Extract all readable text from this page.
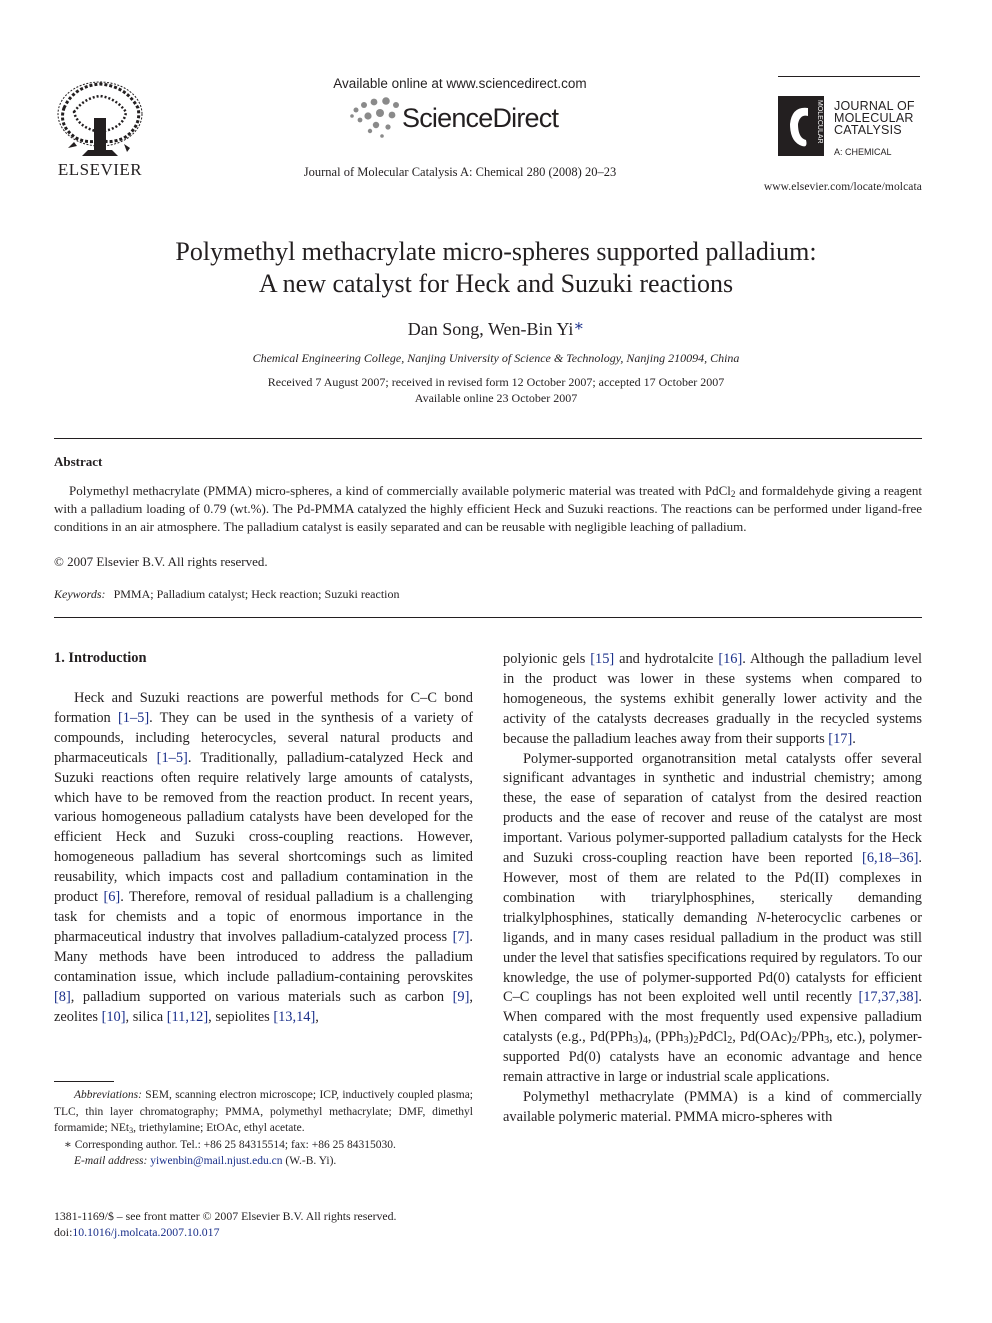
ELSEVIER
Available online at www.sciencedirect.com
ScienceDirect
Journal of Molecular Catalysis A: Chemical 280 (2008) 20–23
MOLECULAR JOURNAL OF
MOLECULAR
CATALYSIS
A: CHEMICAL
www.elsevier.com/locate/molcata
Polymethyl methacrylate micro-spheres supported palladium:
A new catalyst for Heck and Suzuki reactions
Dan Song, Wen-Bin Yi∗
Chemical Engineering College, Nanjing University of Science & Technology, Nanjing 210094, China
Received 7 August 2007; received in revised form 12 October 2007; accepted 17 October 2007
Available online 23 October 2007
Abstract

Polymethyl methacrylate (PMMA) micro-spheres, a kind of commercially available polymeric material was treated with PdCl$_2$ and formaldehyde giving a reagent with a palladium loading of 0.79 (wt.%). The Pd-PMMA catalyzed the highly efficient Heck and Suzuki reactions. The reactions can be performed under ligand-free conditions in an air atmosphere. The palladium catalyst is easily separated and can be reusable with negligible leaching of palladium.

© 2007 Elsevier B.V. All rights reserved.
Keywords: PMMA; Palladium catalyst; Heck reaction; Suzuki reaction
1. Introduction

Heck and Suzuki reactions are powerful methods for C–C bond formation [1–5]. They can be used in the synthesis of a variety of compounds, including heterocycles, several natural products and pharmaceuticals [1–5]. Traditionally, palladium-catalyzed Heck and Suzuki reactions often require relatively large amounts of catalysts, which have to be removed from the reaction product. In recent years, various homogeneous palladium catalysts have been developed for the efficient Heck and Suzuki cross-coupling reactions. However, homogeneous palladium has several shortcomings such as limited reusability, which impacts cost and palladium contamination in the product [6]. Therefore, removal of residual palladium is a challenging task for chemists and a topic of enormous importance in the pharmaceutical industry that involves palladium-catalyzed process [7]. Many methods have been introduced to address the palladium contamination issue, which include palladium-containing perovskites [8], palladium supported on various materials such as carbon [9], zeolites [10], silica [11,12], sepiolites [13,14],

polyionic gels [15] and hydrotalcite [16]. Although the palladium level in the product was lower in these systems when compared to homogeneous, the systems exhibit generally lower activity and the activity of the catalysts decreases gradually in the recycled systems because the palladium leaches away from their supports [17].

Polymer-supported organotransition metal catalysts offer several significant advantages in synthetic and industrial chemistry; among these, the ease of separation of catalyst from the desired reaction products and the ease of recover and reuse of the catalyst are most important. Various polymer-supported palladium catalysts for the Heck and Suzuki cross-coupling reaction have been reported [6,18–36]. However, most of them are related to the Pd(II) complexes in combination with triarylphosphines, sterically demanding trialkylphosphines, statically demanding N-heterocyclic carbenes or ligands, and in many cases residual palladium in the product was still under the level that satisfies specifications required by regulators. To our knowledge, the use of polymer-supported Pd(0) catalysts for efficient C–C couplings has not been exploited well until recently [17,37,38]. When compared with the most frequently used expensive palladium catalysts (e.g., $Pd(PPh_3)_4$, $(PPh_3)_2PdCl_2$, $Pd(OAc)_2/PPh_3$, etc.), polymer-supported Pd(0) catalysts have an economic advantage and hence remain attractive in large or industrial scale applications.

Polymethyl methacrylate (PMMA) is a kind of commercially available polymeric material. PMMA micro-spheres with

Abbreviations: SEM, scanning electron microscope; ICP, inductively coupled plasma; TLC, thin layer chromatography; PMMA, polymethyl methacrylate; DMF, dimethyl formamide; NEt$_3$, triethylamine; EtOAc, ethyl acetate.

∗ Corresponding author. Tel.: +86 25 84315514; fax: +86 25 84315030.

E-mail address: yiwenbin@mail.njust.edu.cn (W.-B. Yi).

1381-1169/$ – see front matter © 2007 Elsevier B.V. All rights reserved.
doi:10.1016/j.molcata.2007.10.017
